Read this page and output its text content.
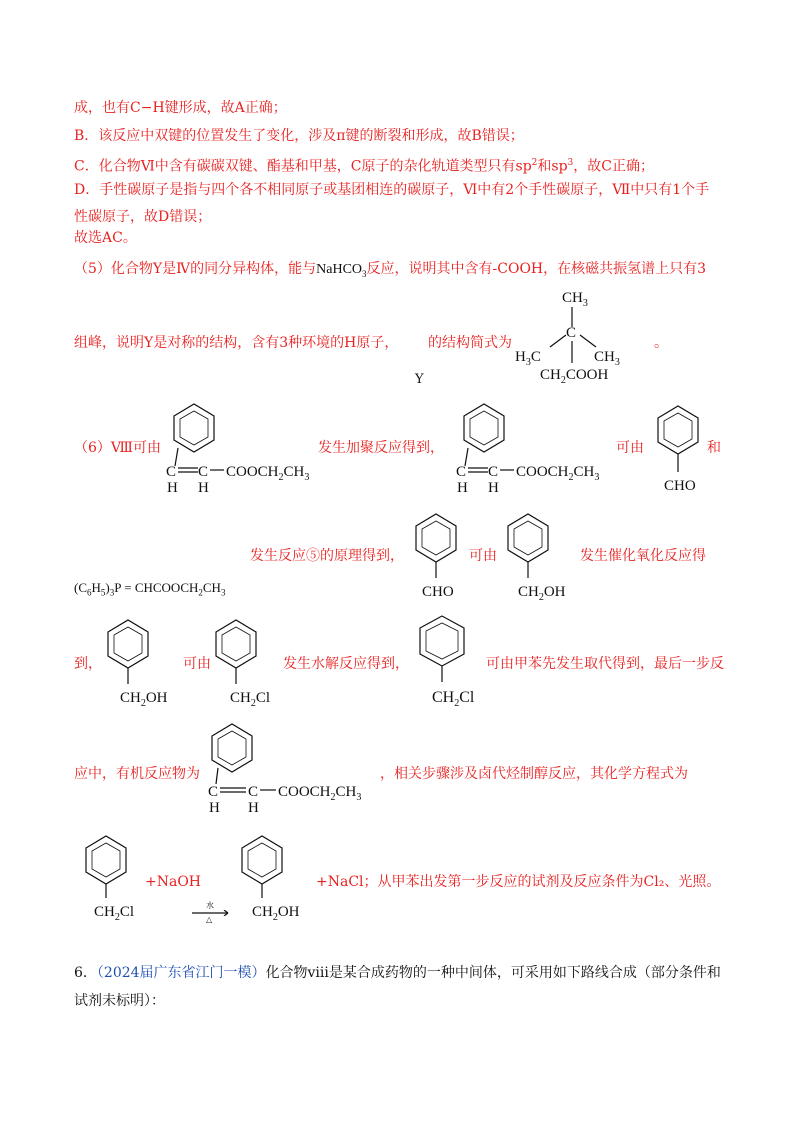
成，也有C−H键形成，故A正确；
B．该反应中双键的位置发生了变化，涉及π键的断裂和形成，故B错误；
C．化合物Ⅵ中含有碳碳双键、酯基和甲基，C原子的杂化轨道类型只有$sp^2$和$sp^3$，故C正确；
D．手性碳原子是指与四个各不相同原子或基团相连的碳原子，Ⅵ中有2个手性碳原子，Ⅶ中只有1个手
性碳原子，故D错误；
故选AC。
（5）化合物Y是Ⅳ的同分异构体，能与NaHCO$_3$反应，说明其中含有-COOH，在核磁共振氢谱上只有3
组峰，说明Y是对称的结构，含有3种环境的H原子， 的结构简式为	。
Y
$CH_3$
C
$H_3C$	$CH_3$
$CH_2COOH$
（6）Ⅷ可由
C C $COOCH_2CH_3$
H H
发生加聚反应得到，
C C $COOCH_2CH_3$
H H
可由
CHO
和
发生反应⑤的原理得到，
$(C_6H_5)_3P$ = $CHCOOCH_2CH_3$	CHO
可由
$CH_2OH$
发生催化氧化反应得
到，
$CH_2OH$
可由
$CH_2Cl$
发生水解反应得到，
$CH_2Cl$
可由甲苯先发生取代得到，最后一步反
应中，有机反应物为
C C $COOCH_2CH_3$
H H
，相关步骤涉及卤代烃制醇反应，其化学方程式为
$CH_2Cl$
+NaOH
水
△	$CH_2OH$
+NaCl；从甲苯出发第一步反应的试剂及反应条件为Cl₂、光照。
6．（2024届广东省江门一模）化合物ⅷ是某合成药物的一种中间体，可采用如下路线合成（部分条件和
试剂未标明）：
